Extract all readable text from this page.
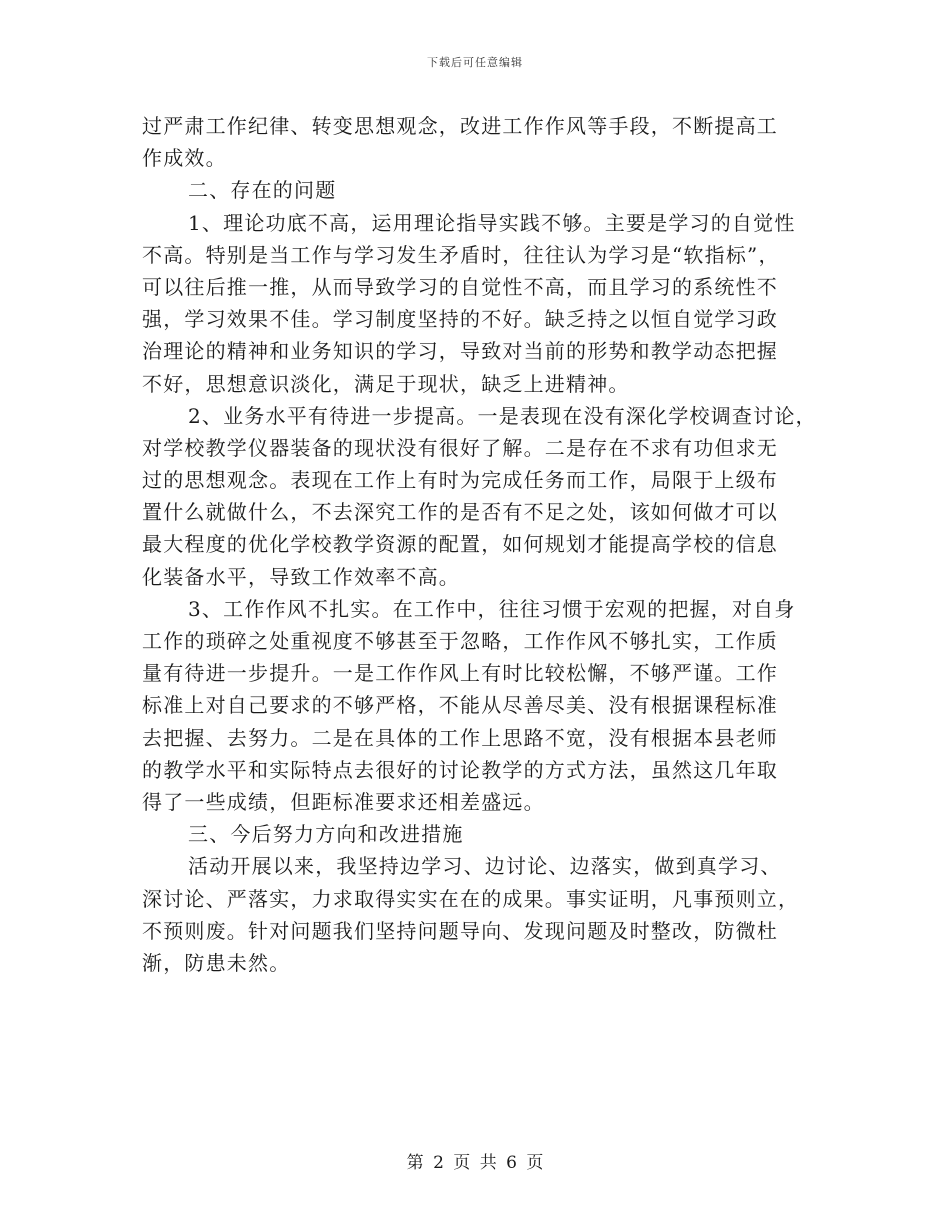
下载后可任意编辑
过严肃工作纪律、转变思想观念，改进工作作风等手段，不断提高工
作成效。
二、存在的问题
1、理论功底不高，运用理论指导实践不够。主要是学习的自觉性
不高。特别是当工作与学习发生矛盾时，往往认为学习是“软指标”，
可以往后推一推，从而导致学习的自觉性不高，而且学习的系统性不
强，学习效果不佳。学习制度坚持的不好。缺乏持之以恒自觉学习政
治理论的精神和业务知识的学习，导致对当前的形势和教学动态把握
不好，思想意识淡化，满足于现状，缺乏上进精神。
2、业务水平有待进一步提高。一是表现在没有深化学校调查讨论，
对学校教学仪器装备的现状没有很好了解。二是存在不求有功但求无
过的思想观念。表现在工作上有时为完成任务而工作，局限于上级布
置什么就做什么，不去深究工作的是否有不足之处，该如何做才可以
最大程度的优化学校教学资源的配置，如何规划才能提高学校的信息
化装备水平，导致工作效率不高。
3、工作作风不扎实。在工作中，往往习惯于宏观的把握，对自身
工作的琐碎之处重视度不够甚至于忽略，工作作风不够扎实，工作质
量有待进一步提升。一是工作作风上有时比较松懈，不够严谨。工作
标准上对自己要求的不够严格，不能从尽善尽美、没有根据课程标准
去把握、去努力。二是在具体的工作上思路不宽，没有根据本县老师
的教学水平和实际特点去很好的讨论教学的方式方法，虽然这几年取
得了一些成绩，但距标准要求还相差盛远。
三、今后努力方向和改进措施
活动开展以来，我坚持边学习、边讨论、边落实，做到真学习、
深讨论、严落实，力求取得实实在在的成果。事实证明，凡事预则立，
不预则废。针对问题我们坚持问题导向、发现问题及时整改，防微杜
渐，防患未然。
第 2 页 共 6 页
